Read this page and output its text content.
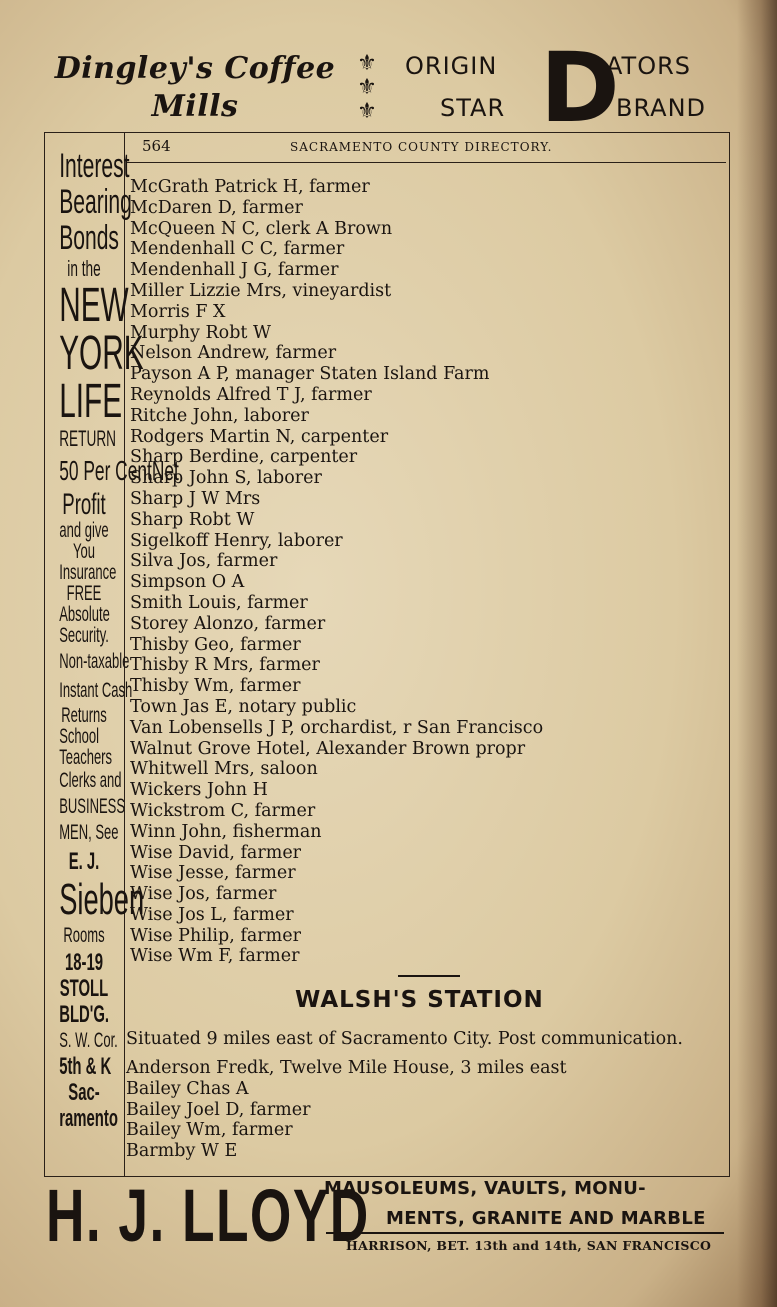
Dingley's Coffee
Mills
⚜
⚜
⚜
ORIGIN	ATORS
STAR	BRAND
D
564	SACRAMENTO COUNTY DIRECTORY.
Interest
Bearing
Bonds
in the
NEW
YORK
LIFE
RETURN
50 Per CentNet
Profit
and give
You
Insurance
FREE
Absolute
Security.
Non-taxable
Instant Cash
Returns
School
Teachers
Clerks and
BUSINESS
MEN, See
E. J.
Sieben
Rooms
18-19
STOLL
BLD'G.
S. W. Cor.
5th & K
Sac-
ramento
McGrath Patrick H, farmer
McDaren D, farmer
McQueen N C, clerk A Brown
Mendenhall C C, farmer
Mendenhall J G, farmer
Miller Lizzie Mrs, vineyardist
Morris F X
Murphy Robt W
Nelson Andrew, farmer
Payson A P, manager Staten Island Farm
Reynolds Alfred T J, farmer
Ritche John, laborer
Rodgers Martin N, carpenter
Sharp Berdine, carpenter
Sharp John S, laborer
Sharp J W Mrs
Sharp Robt W
Sigelkoff Henry, laborer
Silva Jos, farmer
Simpson O A
Smith Louis, farmer
Storey Alonzo, farmer
Thisby Geo, farmer
Thisby R Mrs, farmer
Thisby Wm, farmer
Town Jas E, notary public
Van Lobensells J P, orchardist, r San Francisco
Walnut Grove Hotel, Alexander Brown propr
Whitwell Mrs, saloon
Wickers John H
Wickstrom C, farmer
Winn John, fisherman
Wise David, farmer
Wise Jesse, farmer
Wise Jos, farmer
Wise Jos L, farmer
Wise Philip, farmer
Wise Wm F, farmer
WALSH'S STATION
Situated 9 miles east of Sacramento City. Post communication.
Anderson Fredk, Twelve Mile House, 3 miles east
Bailey Chas A
Bailey Joel D, farmer
Bailey Wm, farmer
Barmby W E
H. J. LLOYD
MAUSOLEUMS, VAULTS, MONU-
MENTS, GRANITE AND MARBLE
HARRISON, BET. 13th and 14th, SAN FRANCISCO
